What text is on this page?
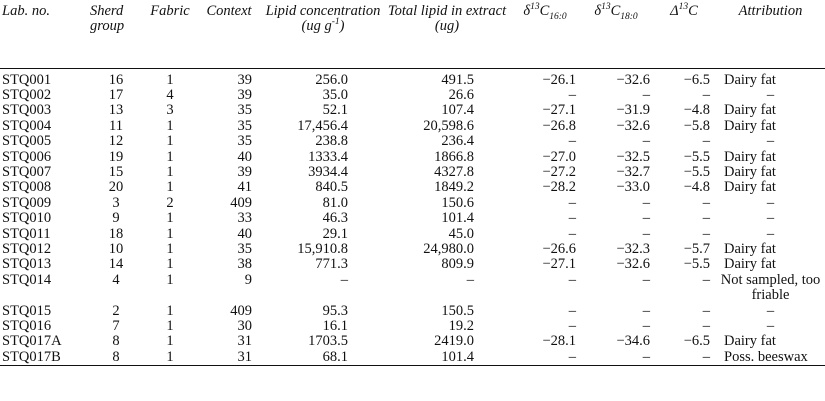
Lab. no.	Sherd group	Fabric	Context	Lipid concentration (ug $g^{-1}$)	Total lipid in extract (ug)	$\delta^{13}C_{16:0}$	$\delta^{13}C_{18:0}$	$\Delta^{13}C$	Attribution
STQ001	16	1	39	256.0	491.5	−26.1	−32.6	−6.5	Dairy fat
STQ002	17	4	39	35.0	26.6	–	–	–	–
STQ003	13	3	35	52.1	107.4	−27.1	−31.9	−4.8	Dairy fat
STQ004	11	1	35	17,456.4	20,598.6	−26.8	−32.6	−5.8	Dairy fat
STQ005	12	1	35	238.8	236.4	–	–	–	–
STQ006	19	1	40	1333.4	1866.8	−27.0	−32.5	−5.5	Dairy fat
STQ007	15	1	39	3934.4	4327.8	−27.2	−32.7	−5.5	Dairy fat
STQ008	20	1	41	840.5	1849.2	−28.2	−33.0	−4.8	Dairy fat
STQ009	3	2	409	81.0	150.6	–	–	–	–
STQ010	9	1	33	46.3	101.4	–	–	–	–
STQ011	18	1	40	29.1	45.0	–	–	–	–
STQ012	10	1	35	15,910.8	24,980.0	−26.6	−32.3	−5.7	Dairy fat
STQ013	14	1	38	771.3	809.9	−27.1	−32.6	−5.5	Dairy fat
STQ014	4	1	9	–	–	–	–	–	Not sampled, too friable
STQ015	2	1	409	95.3	150.5	–	–	–	–
STQ016	7	1	30	16.1	19.2	–	–	–	–
STQ017A	8	1	31	1703.5	2419.0	−28.1	−34.6	−6.5	Dairy fat
STQ017B	8	1	31	68.1	101.4	–	–	–	Poss. beeswax
